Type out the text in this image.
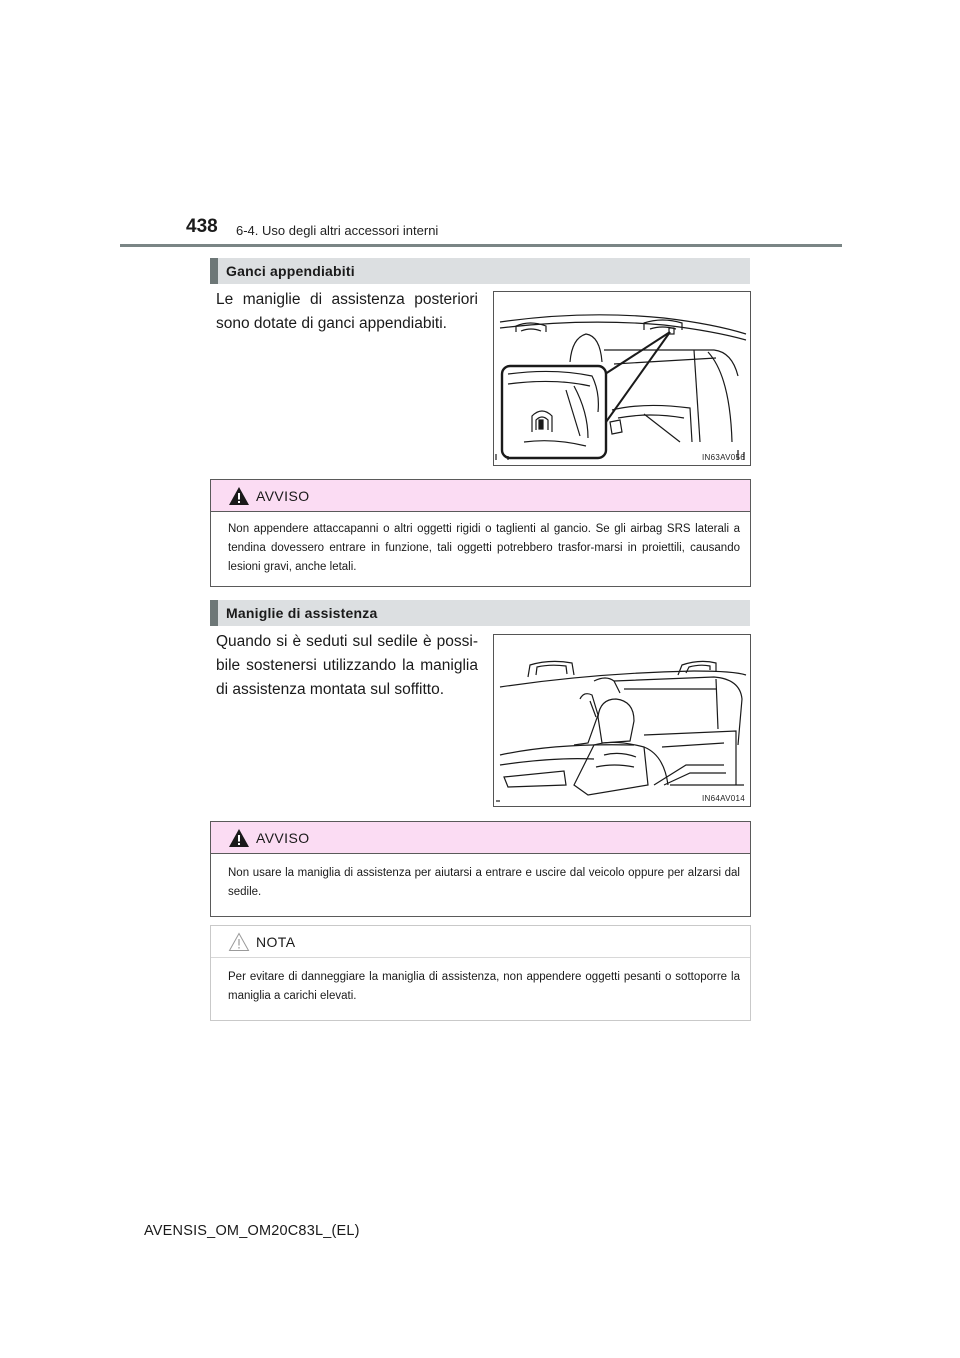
438 6-4. Uso degli altri accessori interni
Ganci appendiabiti
Le maniglie di assistenza posteriori sono dotate di ganci appendiabiti.
IN63AV056
AVVISO
Non appendere attaccapanni o altri oggetti rigidi o taglienti al gancio. Se gli airbag SRS laterali a tendina dovessero entrare in funzione, tali oggetti potrebbero trasfor-marsi in proiettili, causando lesioni gravi, anche letali.
Maniglie di assistenza
Quando si è seduti sul sedile è possi-bile sostenersi utilizzando la maniglia di assistenza montata sul soffitto.
IN64AV014
AVVISO
Non usare la maniglia di assistenza per aiutarsi a entrare e uscire dal veicolo oppure per alzarsi dal sedile.
NOTA
Per evitare di danneggiare la maniglia di assistenza, non appendere oggetti pesanti o sottoporre la maniglia a carichi elevati.
AVENSIS_OM_OM20C83L_(EL)
